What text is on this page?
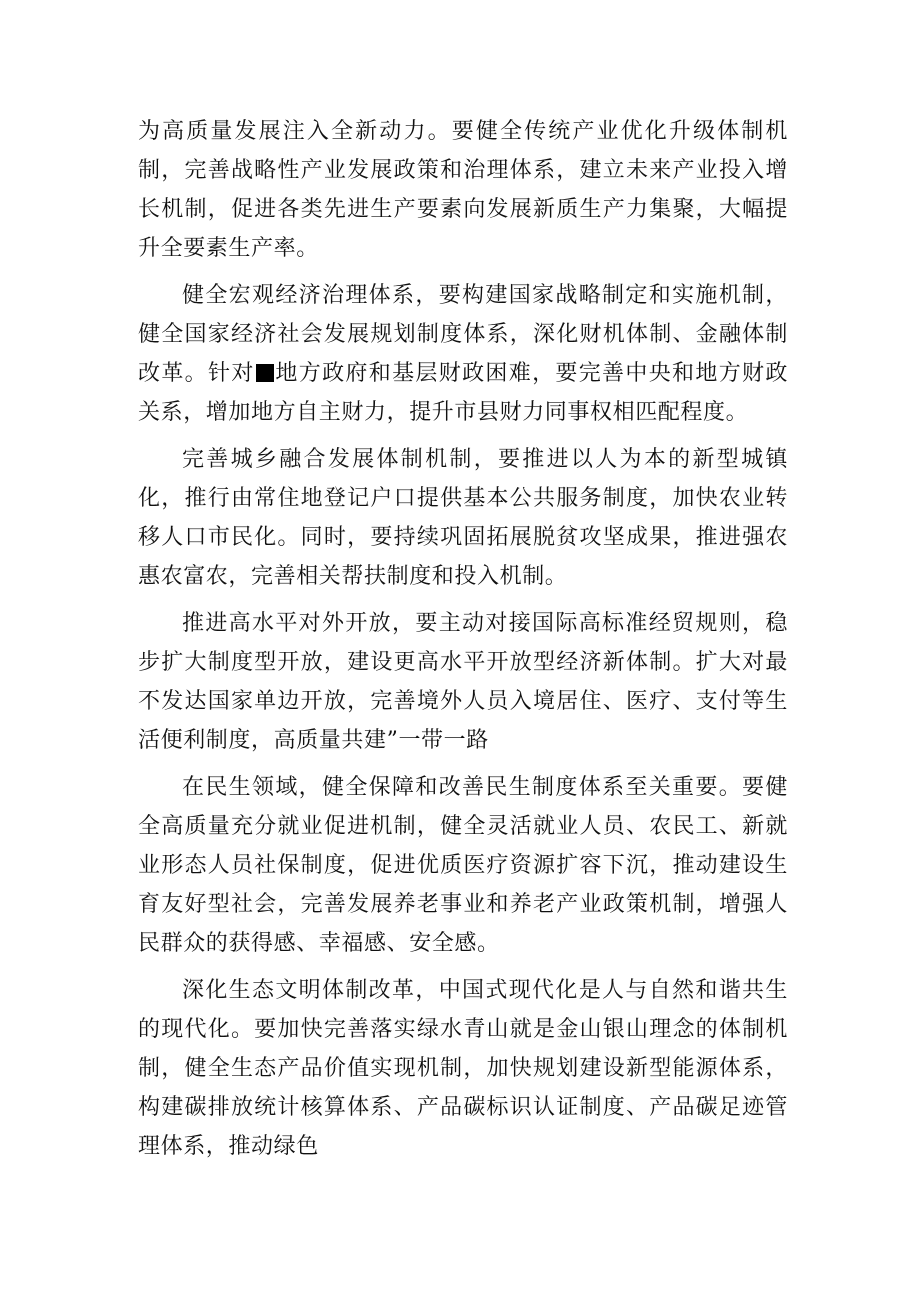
为高质量发展注入全新动力。要健全传统产业优化升级体制机制，完善战略性产业发展政策和治理体系，建立未来产业投入增长机制，促进各类先进生产要素向发展新质生产力集聚，大幅提升全要素生产率。

健全宏观经济治理体系，要构建国家战略制定和实施机制，健全国家经济社会发展规划制度体系，深化财机体制、金融体制改革。针对 地方政府和基层财政困难，要完善中央和地方财政关系，增加地方自主财力，提升市县财力同事权相匹配程度。

完善城乡融合发展体制机制，要推进以人为本的新型城镇化，推行由常住地登记户口提供基本公共服务制度，加快农业转移人口市民化。同时，要持续巩固拓展脱贫攻坚成果，推进强农惠农富农，完善相关帮扶制度和投入机制。

推进高水平对外开放，要主动对接国际高标准经贸规则，稳步扩大制度型开放，建设更高水平开放型经济新体制。扩大对最不发达国家单边开放，完善境外人员入境居住、医疗、支付等生活便利制度，高质量共建”一带一路

在民生领域，健全保障和改善民生制度体系至关重要。要健全高质量充分就业促进机制，健全灵活就业人员、农民工、新就业形态人员社保制度，促进优质医疗资源扩容下沉，推动建设生育友好型社会，完善发展养老事业和养老产业政策机制，增强人民群众的获得感、幸福感、安全感。

深化生态文明体制改革，中国式现代化是人与自然和谐共生的现代化。要加快完善落实绿水青山就是金山银山理念的体制机制，健全生态产品价值实现机制，加快规划建设新型能源体系，构建碳排放统计核算体系、产品碳标识认证制度、产品碳足迹管理体系，推动绿色
